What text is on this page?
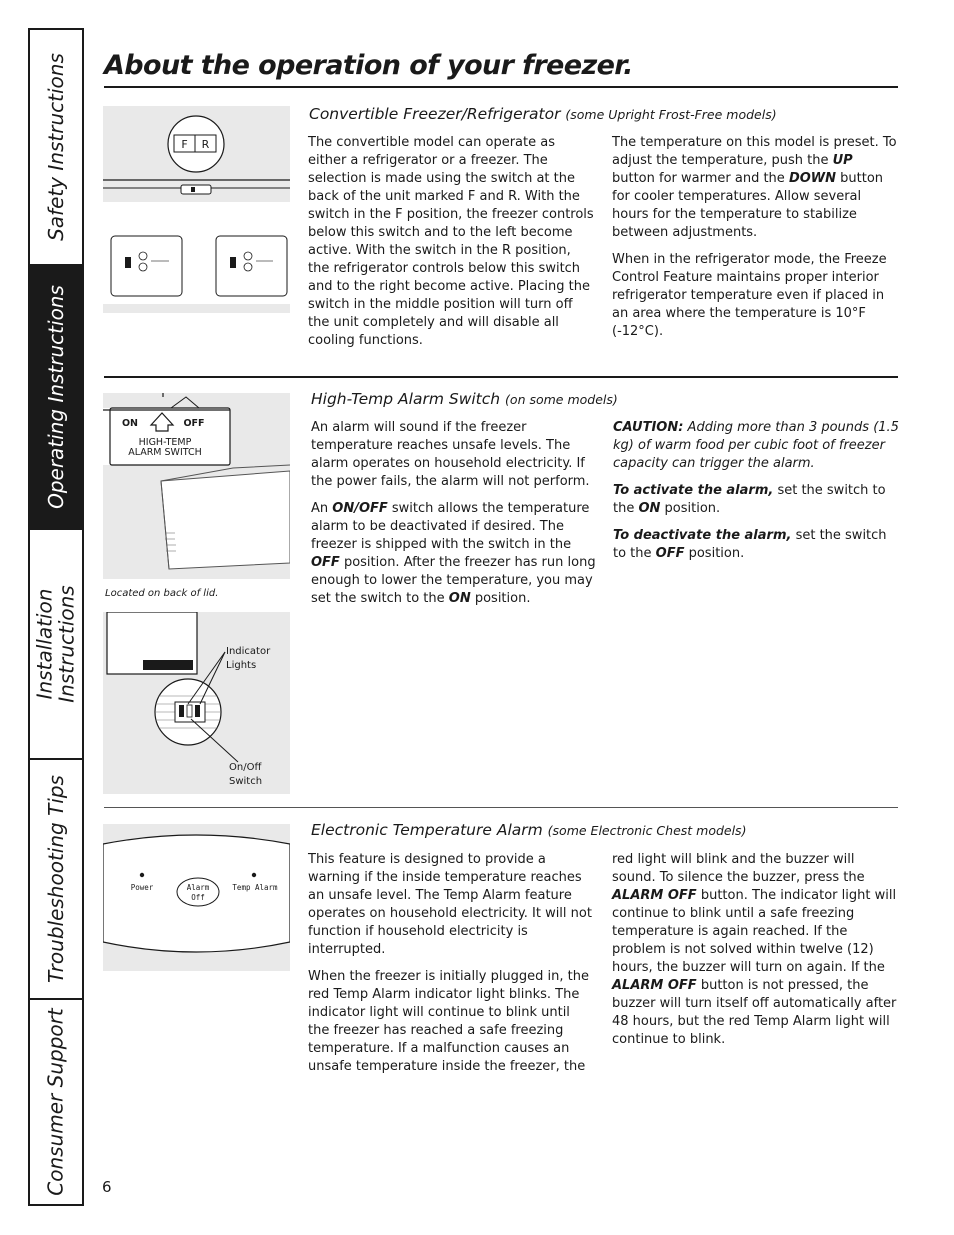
Safety Instructions
Operating Instructions
Installation
Instructions
Troubleshooting Tips
Consumer Support
About the operation of your freezer.
F R
Convertible Freezer/Refrigerator (some Upright Frost-Free models)

The convertible model can operate as either a refrigerator or a freezer. The selection is made using the switch at the back of the unit marked F and R. With the switch in the F position, the freezer controls below this switch and to the left become active. With the switch in the R position, the refrigerator controls below this switch and to the right become active. Placing the switch in the middle position will turn off the unit completely and will disable all cooling functions.

The temperature on this model is preset. To adjust the temperature, push the UP button for warmer and the DOWN button for cooler temperatures. Allow several hours for the temperature to stabilize between adjustments.

When in the refrigerator mode, the Freeze Control Feature maintains proper interior refrigerator temperature even if placed in an area where the temperature is 10°F (-12°C).

ON	OFF
HIGH-TEMP
ALARM SWITCH
Located on back of lid.
Indicator
Lights
On/Off
Switch
High-Temp Alarm Switch (on some models)

An alarm will sound if the freezer temperature reaches unsafe levels. The alarm operates on household electricity. If the power fails, the alarm will not perform.

An ON/OFF switch allows the temperature alarm to be deactivated if desired. The freezer is shipped with the switch in the OFF position. After the freezer has run long enough to lower the temperature, you may set the switch to the ON position.

CAUTION: Adding more than 3 pounds (1.5 kg) of warm food per cubic foot of freezer capacity can trigger the alarm.

To activate the alarm, set the switch to the ON position.

To deactivate the alarm, set the switch to the OFF position.

Power	Alarm
Off
Temp Alarm
Electronic Temperature Alarm (some Electronic Chest models)

This feature is designed to provide a warning if the inside temperature reaches an unsafe level. The Temp Alarm feature operates on household electricity. It will not function if household electricity is interrupted.

When the freezer is initially plugged in, the red Temp Alarm indicator light blinks. The indicator light will continue to blink until the freezer has reached a safe freezing temperature. If a malfunction causes an unsafe temperature inside the freezer, the

red light will blink and the buzzer will sound. To silence the buzzer, press the ALARM OFF button. The indicator light will continue to blink until a safe freezing temperature is again reached. If the problem is not solved within twelve (12) hours, the buzzer will turn on again. If the ALARM OFF button is not pressed, the buzzer will turn itself off automatically after 48 hours, but the red Temp Alarm light will continue to blink.

6
